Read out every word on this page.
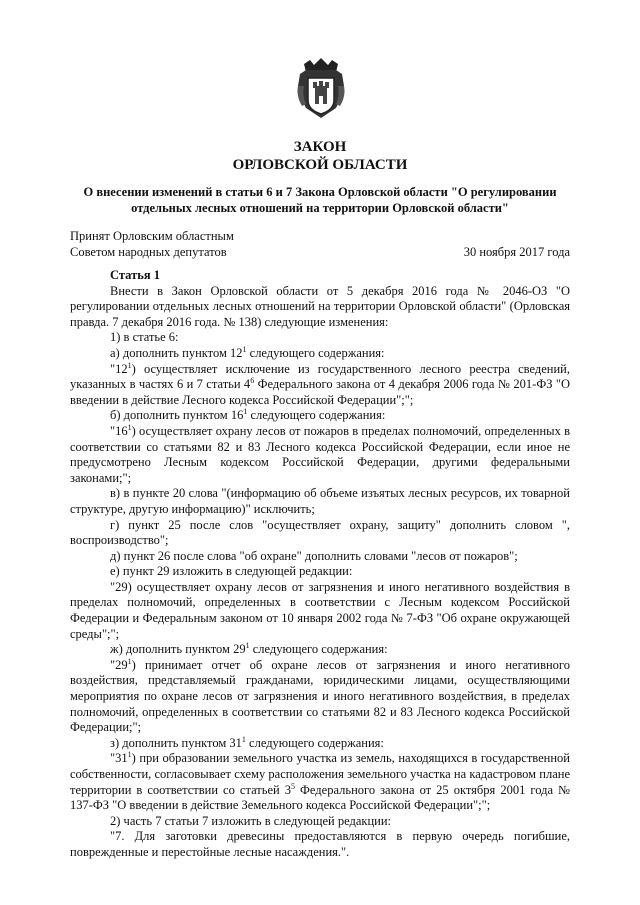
ЗАКОН
ОРЛОВСКОЙ ОБЛАСТИ
О внесении изменений в статьи 6 и 7 Закона Орловской области "О регулировании
отдельных лесных отношений на территории Орловской области"
Принят Орловским областным
Советом народных депутатов	30 ноября 2017 года

Статья 1

Внести в Закон Орловской области от 5 декабря 2016 года № 2046-ОЗ "О регулировании отдельных лесных отношений на территории Орловской области" (Орловская правда. 7 декабря 2016 года. № 138) следующие изменения:

1) в статье 6:

а) дополнить пунктом $12^1$ следующего содержания:

"$12^1$) осуществляет исключение из государственного лесного реестра сведений, указанных в частях 6 и 7 статьи $4^6$ Федерального закона от 4 декабря 2006 года № 201-ФЗ "О введении в действие Лесного кодекса Российской Федерации";";

б) дополнить пунктом $16^1$ следующего содержания:

"$16^1$) осуществляет охрану лесов от пожаров в пределах полномочий, определенных в соответствии со статьями 82 и 83 Лесного кодекса Российской Федерации, если иное не предусмотрено Лесным кодексом Российской Федерации, другими федеральными законами;";

в) в пункте 20 слова "(информацию об объеме изъятых лесных ресурсов, их товарной структуре, другую информацию)" исключить;

г) пункт 25 после слов "осуществляет охрану, защиту" дополнить словом ", воспроизводство";

д) пункт 26 после слова "об охране" дополнить словами "лесов от пожаров";

е) пункт 29 изложить в следующей редакции:

"29) осуществляет охрану лесов от загрязнения и иного негативного воздействия в пределах полномочий, определенных в соответствии с Лесным кодексом Российской Федерации и Федеральным законом от 10 января 2002 года № 7-ФЗ "Об охране окружающей среды";";

ж) дополнить пунктом $29^1$ следующего содержания:

"$29^1$) принимает отчет об охране лесов от загрязнения и иного негативного воздействия, представляемый гражданами, юридическими лицами, осуществляющими мероприятия по охране лесов от загрязнения и иного негативного воздействия, в пределах полномочий, определенных в соответствии со статьями 82 и 83 Лесного кодекса Российской Федерации;";

з) дополнить пунктом $31^1$ следующего содержания:

"$31^1$) при образовании земельного участка из земель, находящихся в государственной собственности, согласовывает схему расположения земельного участка на кадастровом плане территории в соответствии со статьей $3^5$ Федерального закона от 25 октября 2001 года № 137-ФЗ "О введении в действие Земельного кодекса Российской Федерации";";

2) часть 7 статьи 7 изложить в следующей редакции:

"7. Для заготовки древесины предоставляются в первую очередь погибшие, поврежденные и перестойные лесные насаждения.".
